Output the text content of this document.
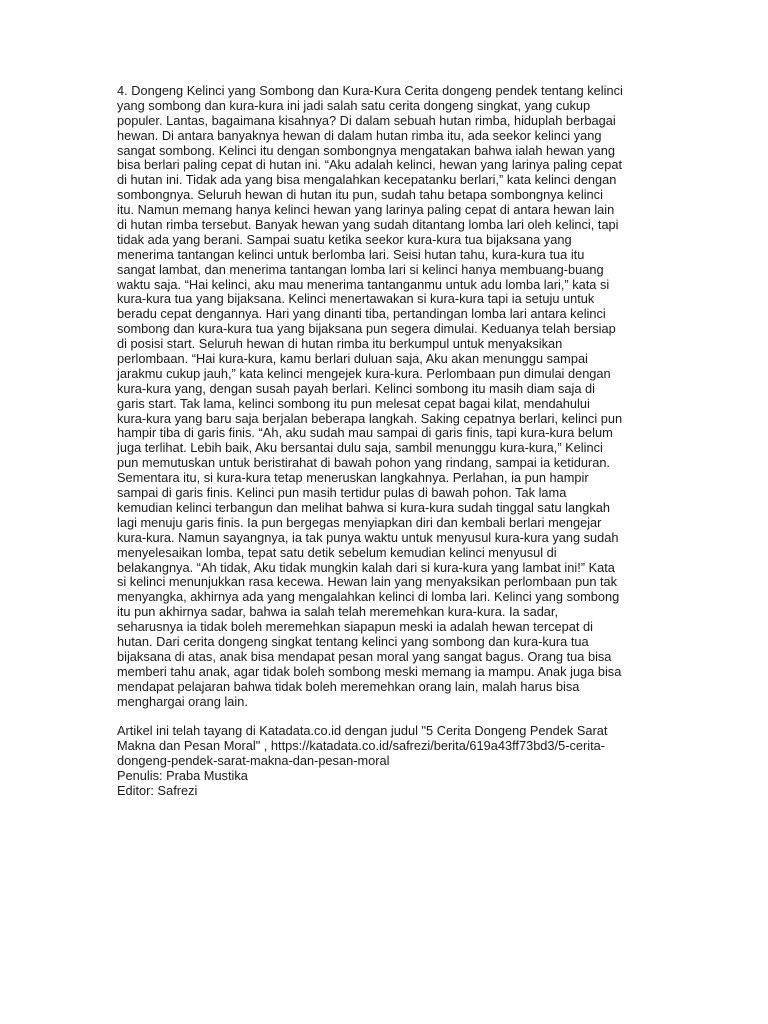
4. Dongeng Kelinci yang Sombong dan Kura-Kura Cerita dongeng pendek tentang kelinci
yang sombong dan kura-kura ini jadi salah satu cerita dongeng singkat, yang cukup
populer. Lantas, bagaimana kisahnya? Di dalam sebuah hutan rimba, hiduplah berbagai
hewan. Di antara banyaknya hewan di dalam hutan rimba itu, ada seekor kelinci yang
sangat sombong. Kelinci itu dengan sombongnya mengatakan bahwa ialah hewan yang
bisa berlari paling cepat di hutan ini. “Aku adalah kelinci, hewan yang larinya paling cepat
di hutan ini. Tidak ada yang bisa mengalahkan kecepatanku berlari,” kata kelinci dengan
sombongnya. Seluruh hewan di hutan itu pun, sudah tahu betapa sombongnya kelinci
itu. Namun memang hanya kelinci hewan yang larinya paling cepat di antara hewan lain
di hutan rimba tersebut. Banyak hewan yang sudah ditantang lomba lari oleh kelinci, tapi
tidak ada yang berani. Sampai suatu ketika seekor kura-kura tua bijaksana yang
menerima tantangan kelinci untuk berlomba lari. Seisi hutan tahu, kura-kura tua itu
sangat lambat, dan menerima tantangan lomba lari si kelinci hanya membuang-buang
waktu saja. “Hai kelinci, aku mau menerima tantanganmu untuk adu lomba lari,” kata si
kura-kura tua yang bijaksana. Kelinci menertawakan si kura-kura tapi ia setuju untuk
beradu cepat dengannya. Hari yang dinanti tiba, pertandingan lomba lari antara kelinci
sombong dan kura-kura tua yang bijaksana pun segera dimulai. Keduanya telah bersiap
di posisi start. Seluruh hewan di hutan rimba itu berkumpul untuk menyaksikan
perlombaan. “Hai kura-kura, kamu berlari duluan saja, Aku akan menunggu sampai
jarakmu cukup jauh,” kata kelinci mengejek kura-kura. Perlombaan pun dimulai dengan
kura-kura yang, dengan susah payah berlari. Kelinci sombong itu masih diam saja di
garis start. Tak lama, kelinci sombong itu pun melesat cepat bagai kilat, mendahului
kura-kura yang baru saja berjalan beberapa langkah. Saking cepatnya berlari, kelinci pun
hampir tiba di garis finis. “Ah, aku sudah mau sampai di garis finis, tapi kura-kura belum
juga terlihat. Lebih baik, Aku bersantai dulu saja, sambil menunggu kura-kura,” Kelinci
pun memutuskan untuk beristirahat di bawah pohon yang rindang, sampai ia ketiduran.
Sementara itu, si kura-kura tetap meneruskan langkahnya. Perlahan, ia pun hampir
sampai di garis finis. Kelinci pun masih tertidur pulas di bawah pohon. Tak lama
kemudian kelinci terbangun dan melihat bahwa si kura-kura sudah tinggal satu langkah
lagi menuju garis finis. Ia pun bergegas menyiapkan diri dan kembali berlari mengejar
kura-kura. Namun sayangnya, ia tak punya waktu untuk menyusul kura-kura yang sudah
menyelesaikan lomba, tepat satu detik sebelum kemudian kelinci menyusul di
belakangnya. “Ah tidak, Aku tidak mungkin kalah dari si kura-kura yang lambat ini!” Kata
si kelinci menunjukkan rasa kecewa. Hewan lain yang menyaksikan perlombaan pun tak
menyangka, akhirnya ada yang mengalahkan kelinci di lomba lari. Kelinci yang sombong
itu pun akhirnya sadar, bahwa ia salah telah meremehkan kura-kura. Ia sadar,
seharusnya ia tidak boleh meremehkan siapapun meski ia adalah hewan tercepat di
hutan. Dari cerita dongeng singkat tentang kelinci yang sombong dan kura-kura tua
bijaksana di atas, anak bisa mendapat pesan moral yang sangat bagus. Orang tua bisa
memberi tahu anak, agar tidak boleh sombong meski memang ia mampu. Anak juga bisa
mendapat pelajaran bahwa tidak boleh meremehkan orang lain, malah harus bisa
menghargai orang lain.
Artikel ini telah tayang di Katadata.co.id dengan judul "5 Cerita Dongeng Pendek Sarat
Makna dan Pesan Moral" , https://katadata.co.id/safrezi/berita/619a43ff73bd3/5-cerita-
dongeng-pendek-sarat-makna-dan-pesan-moral
Penulis: Praba Mustika
Editor: Safrezi
